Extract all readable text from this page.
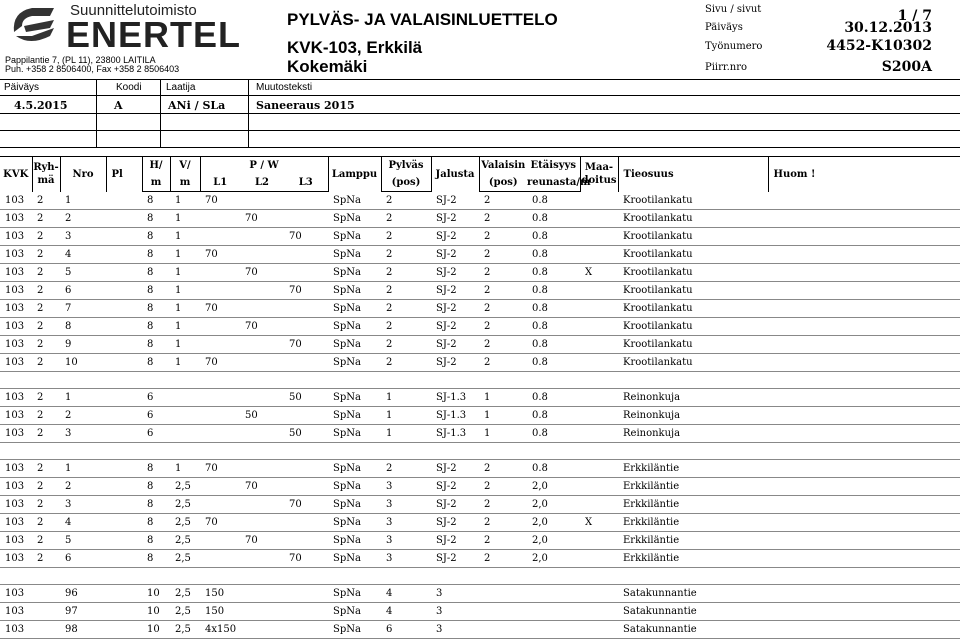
Suunnittelutoimisto
ENERTEL
Pappilantie 7, (PL 11), 23800 LAITILA
Puh. +358 2 8506400, Fax +358 2 8506403
PYLVÄS- JA VALAISINLUETTELO
KVK-103, Erkkilä
Kokemäki
Sivu / sivut	1 / 7
Päiväys	30.12.2013
Työnumero	4452-K10302
Piirr.nro	S200A
Päiväys	Koodi Laatija	Muutosteksti
4.5.2015	A	ANi / SLa	Saneeraus 2015
KVK	Ryh-mä	Nro	Pl	H/	V/	P / W			Lamppu	Pylväs	Jalusta	Valaisin	Etäisyys	Maa-doitus	Tieosuus	Huom !
				m	m	L1	L2	L3		(pos)		(pos)	reunasta/m			
103	2	1		8	1	70			SpNa	2	SJ-2	2	0.8		Krootilankatu	
103	2	2		8	1		70		SpNa	2	SJ-2	2	0.8		Krootilankatu	
103	2	3		8	1			70	SpNa	2	SJ-2	2	0.8		Krootilankatu	
103	2	4		8	1	70			SpNa	2	SJ-2	2	0.8		Krootilankatu	
103	2	5		8	1		70		SpNa	2	SJ-2	2	0.8	X	Krootilankatu	
103	2	6		8	1			70	SpNa	2	SJ-2	2	0.8		Krootilankatu	
103	2	7		8	1	70			SpNa	2	SJ-2	2	0.8		Krootilankatu	
103	2	8		8	1		70		SpNa	2	SJ-2	2	0.8		Krootilankatu	
103	2	9		8	1			70	SpNa	2	SJ-2	2	0.8		Krootilankatu	
103	2	10		8	1	70			SpNa	2	SJ-2	2	0.8		Krootilankatu	

103	2	1		6				50	SpNa	1	SJ-1.3	1	0.8		Reinonkuja	
103	2	2		6			50		SpNa	1	SJ-1.3	1	0.8		Reinonkuja	
103	2	3		6				50	SpNa	1	SJ-1.3	1	0.8		Reinonkuja	

103	2	1		8	1	70			SpNa	2	SJ-2	2	0.8		Erkkiläntie	
103	2	2		8	2,5		70		SpNa	3	SJ-2	2	2,0		Erkkiläntie	
103	2	3		8	2,5			70	SpNa	3	SJ-2	2	2,0		Erkkiläntie	
103	2	4		8	2,5	70			SpNa	3	SJ-2	2	2,0	X	Erkkiläntie	
103	2	5		8	2,5		70		SpNa	3	SJ-2	2	2,0		Erkkiläntie	
103	2	6		8	2,5			70	SpNa	3	SJ-2	2	2,0		Erkkiläntie	

103		96		10	2,5	150			SpNa	4	3				Satakunnantie	
103		97		10	2,5	150			SpNa	4	3				Satakunnantie	
103		98		10	2,5	4x150			SpNa	6	3				Satakunnantie	
